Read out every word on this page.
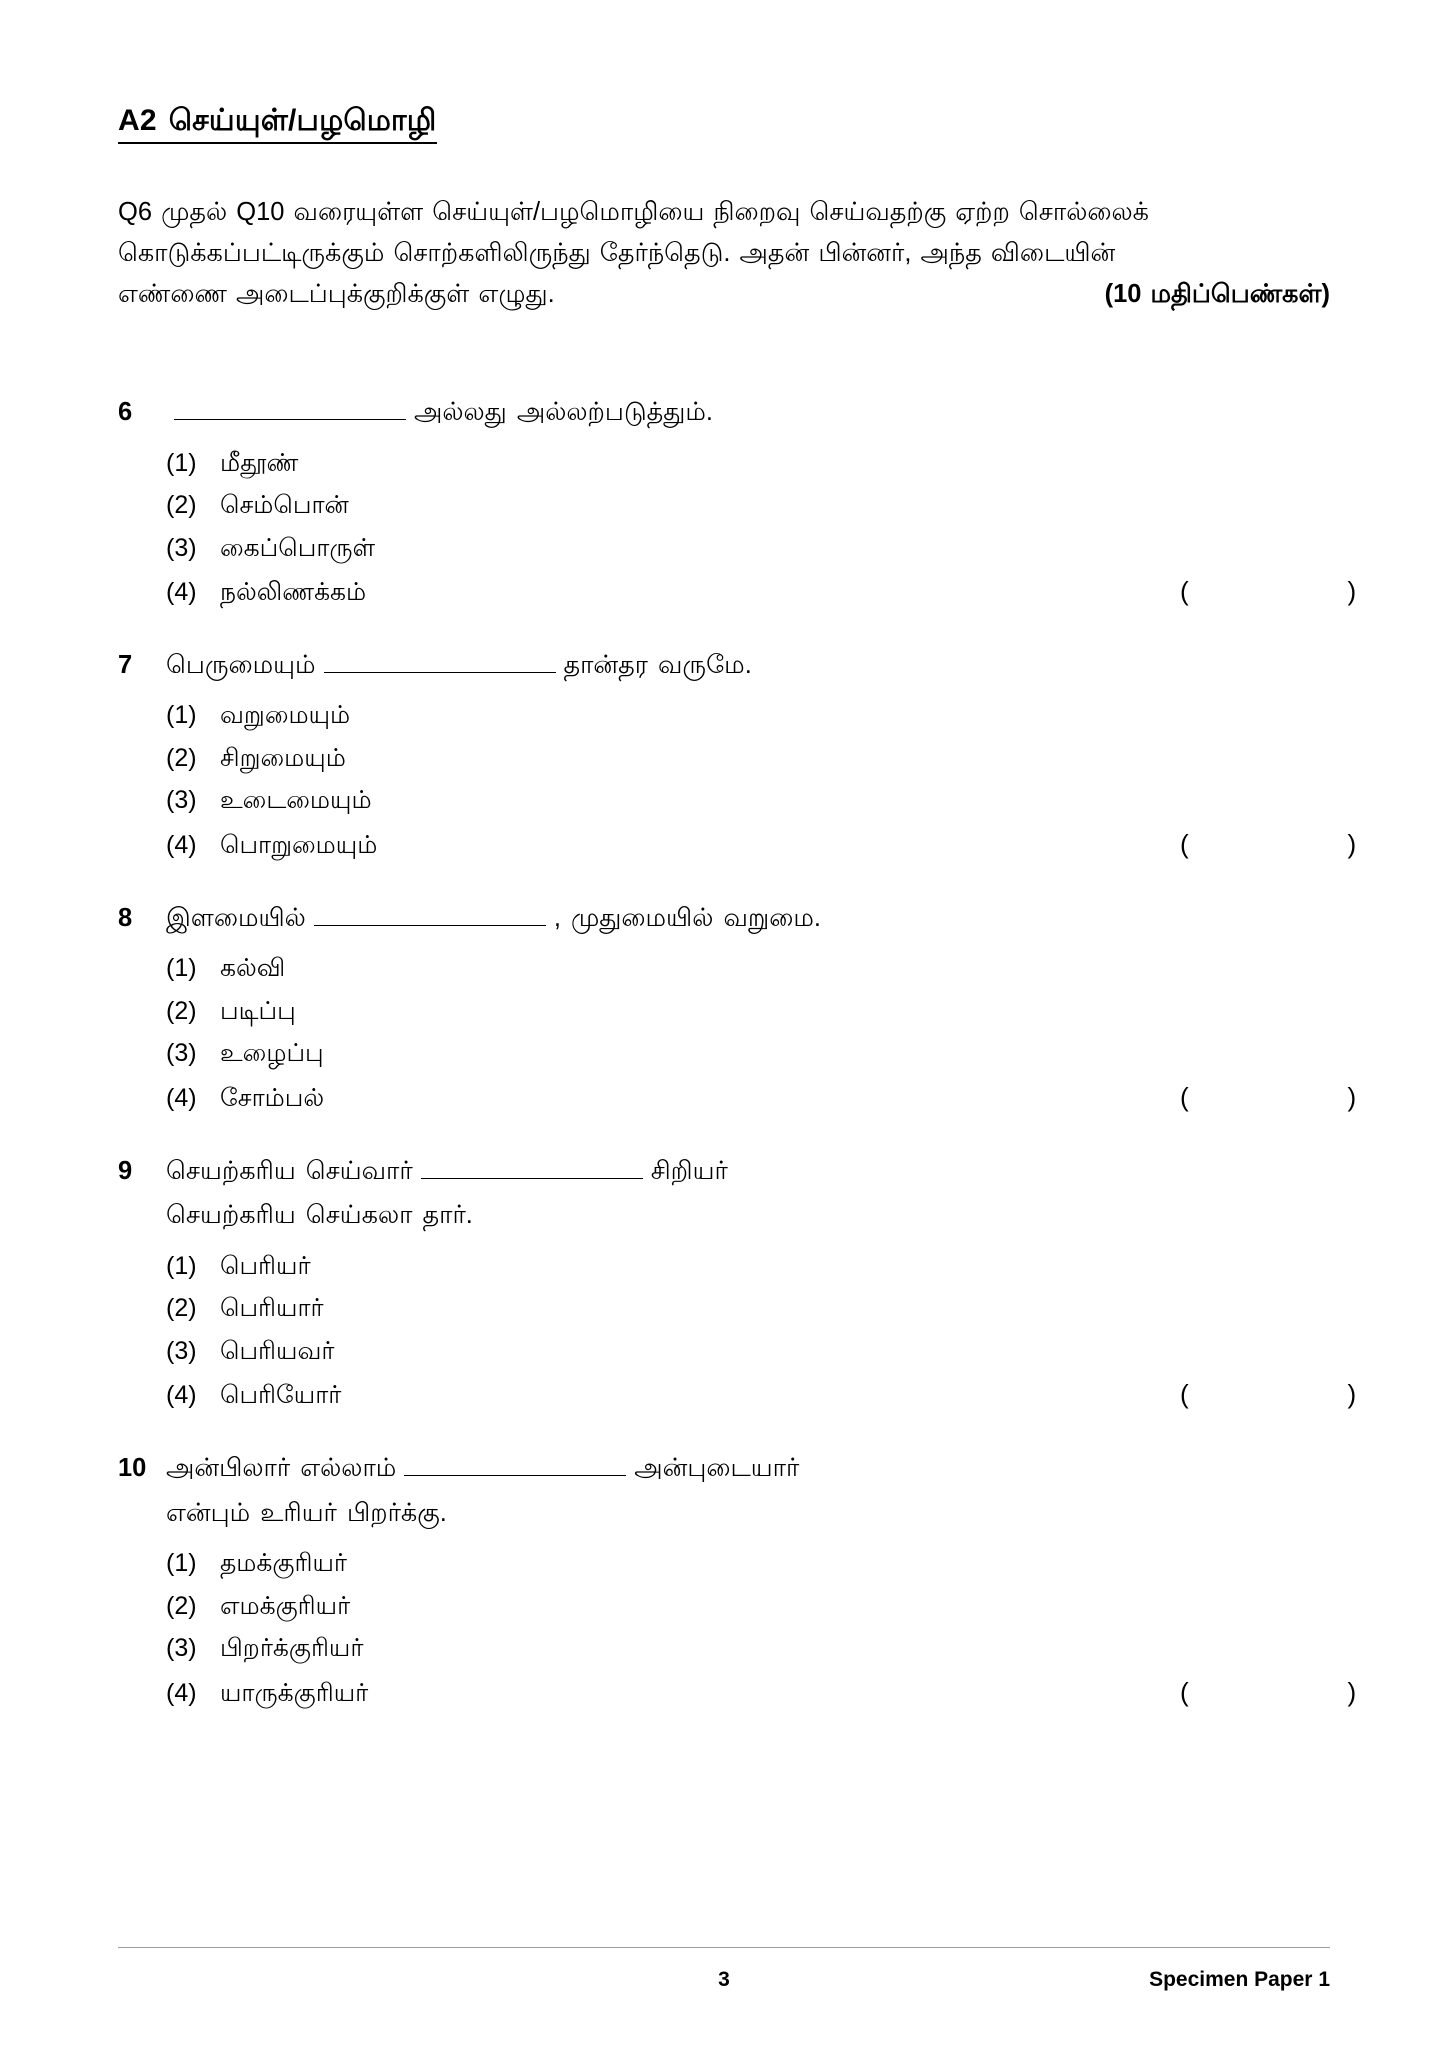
A2 செய்யுள்/பழமொழி
Q6 முதல் Q10 வரையுள்ள செய்யுள்/பழமொழியை நிறைவு செய்வதற்கு ஏற்ற சொல்லைக்
கொடுக்கப்பட்டிருக்கும் சொற்களிலிருந்து தேர்ந்தெடு. அதன் பின்னர், அந்த விடையின்
எண்ணை அடைப்புக்குறிக்குள் எழுது.	(10 மதிப்பெண்கள்)
6	அல்லது அல்லற்படுத்தும்.
(1) மீதூண்
(2) செம்பொன்
(3) கைப்பொருள்
(4) நல்லிணக்கம்	(    )
7	பெருமையும்	தான்தர வருமே.
(1) வறுமையும்
(2) சிறுமையும்
(3) உடைமையும்
(4) பொறுமையும்	(    )
8	இளமையில்	, முதுமையில் வறுமை.
(1) கல்வி
(2) படிப்பு
(3) உழைப்பு
(4) சோம்பல்	(    )
9	செயற்கரிய செய்வார்	சிறியர்
செயற்கரிய செய்கலா தார்.
(1) பெரியர்
(2) பெரியார்
(3) பெரியவர்
(4) பெரியோர்	(    )
10 அன்பிலார் எல்லாம்	அன்புடையார்
என்பும் உரியர் பிறர்க்கு.
(1) தமக்குரியர்
(2) எமக்குரியர்
(3) பிறர்க்குரியர்
(4) யாருக்குரியர்	(    )
3	Specimen Paper 1
